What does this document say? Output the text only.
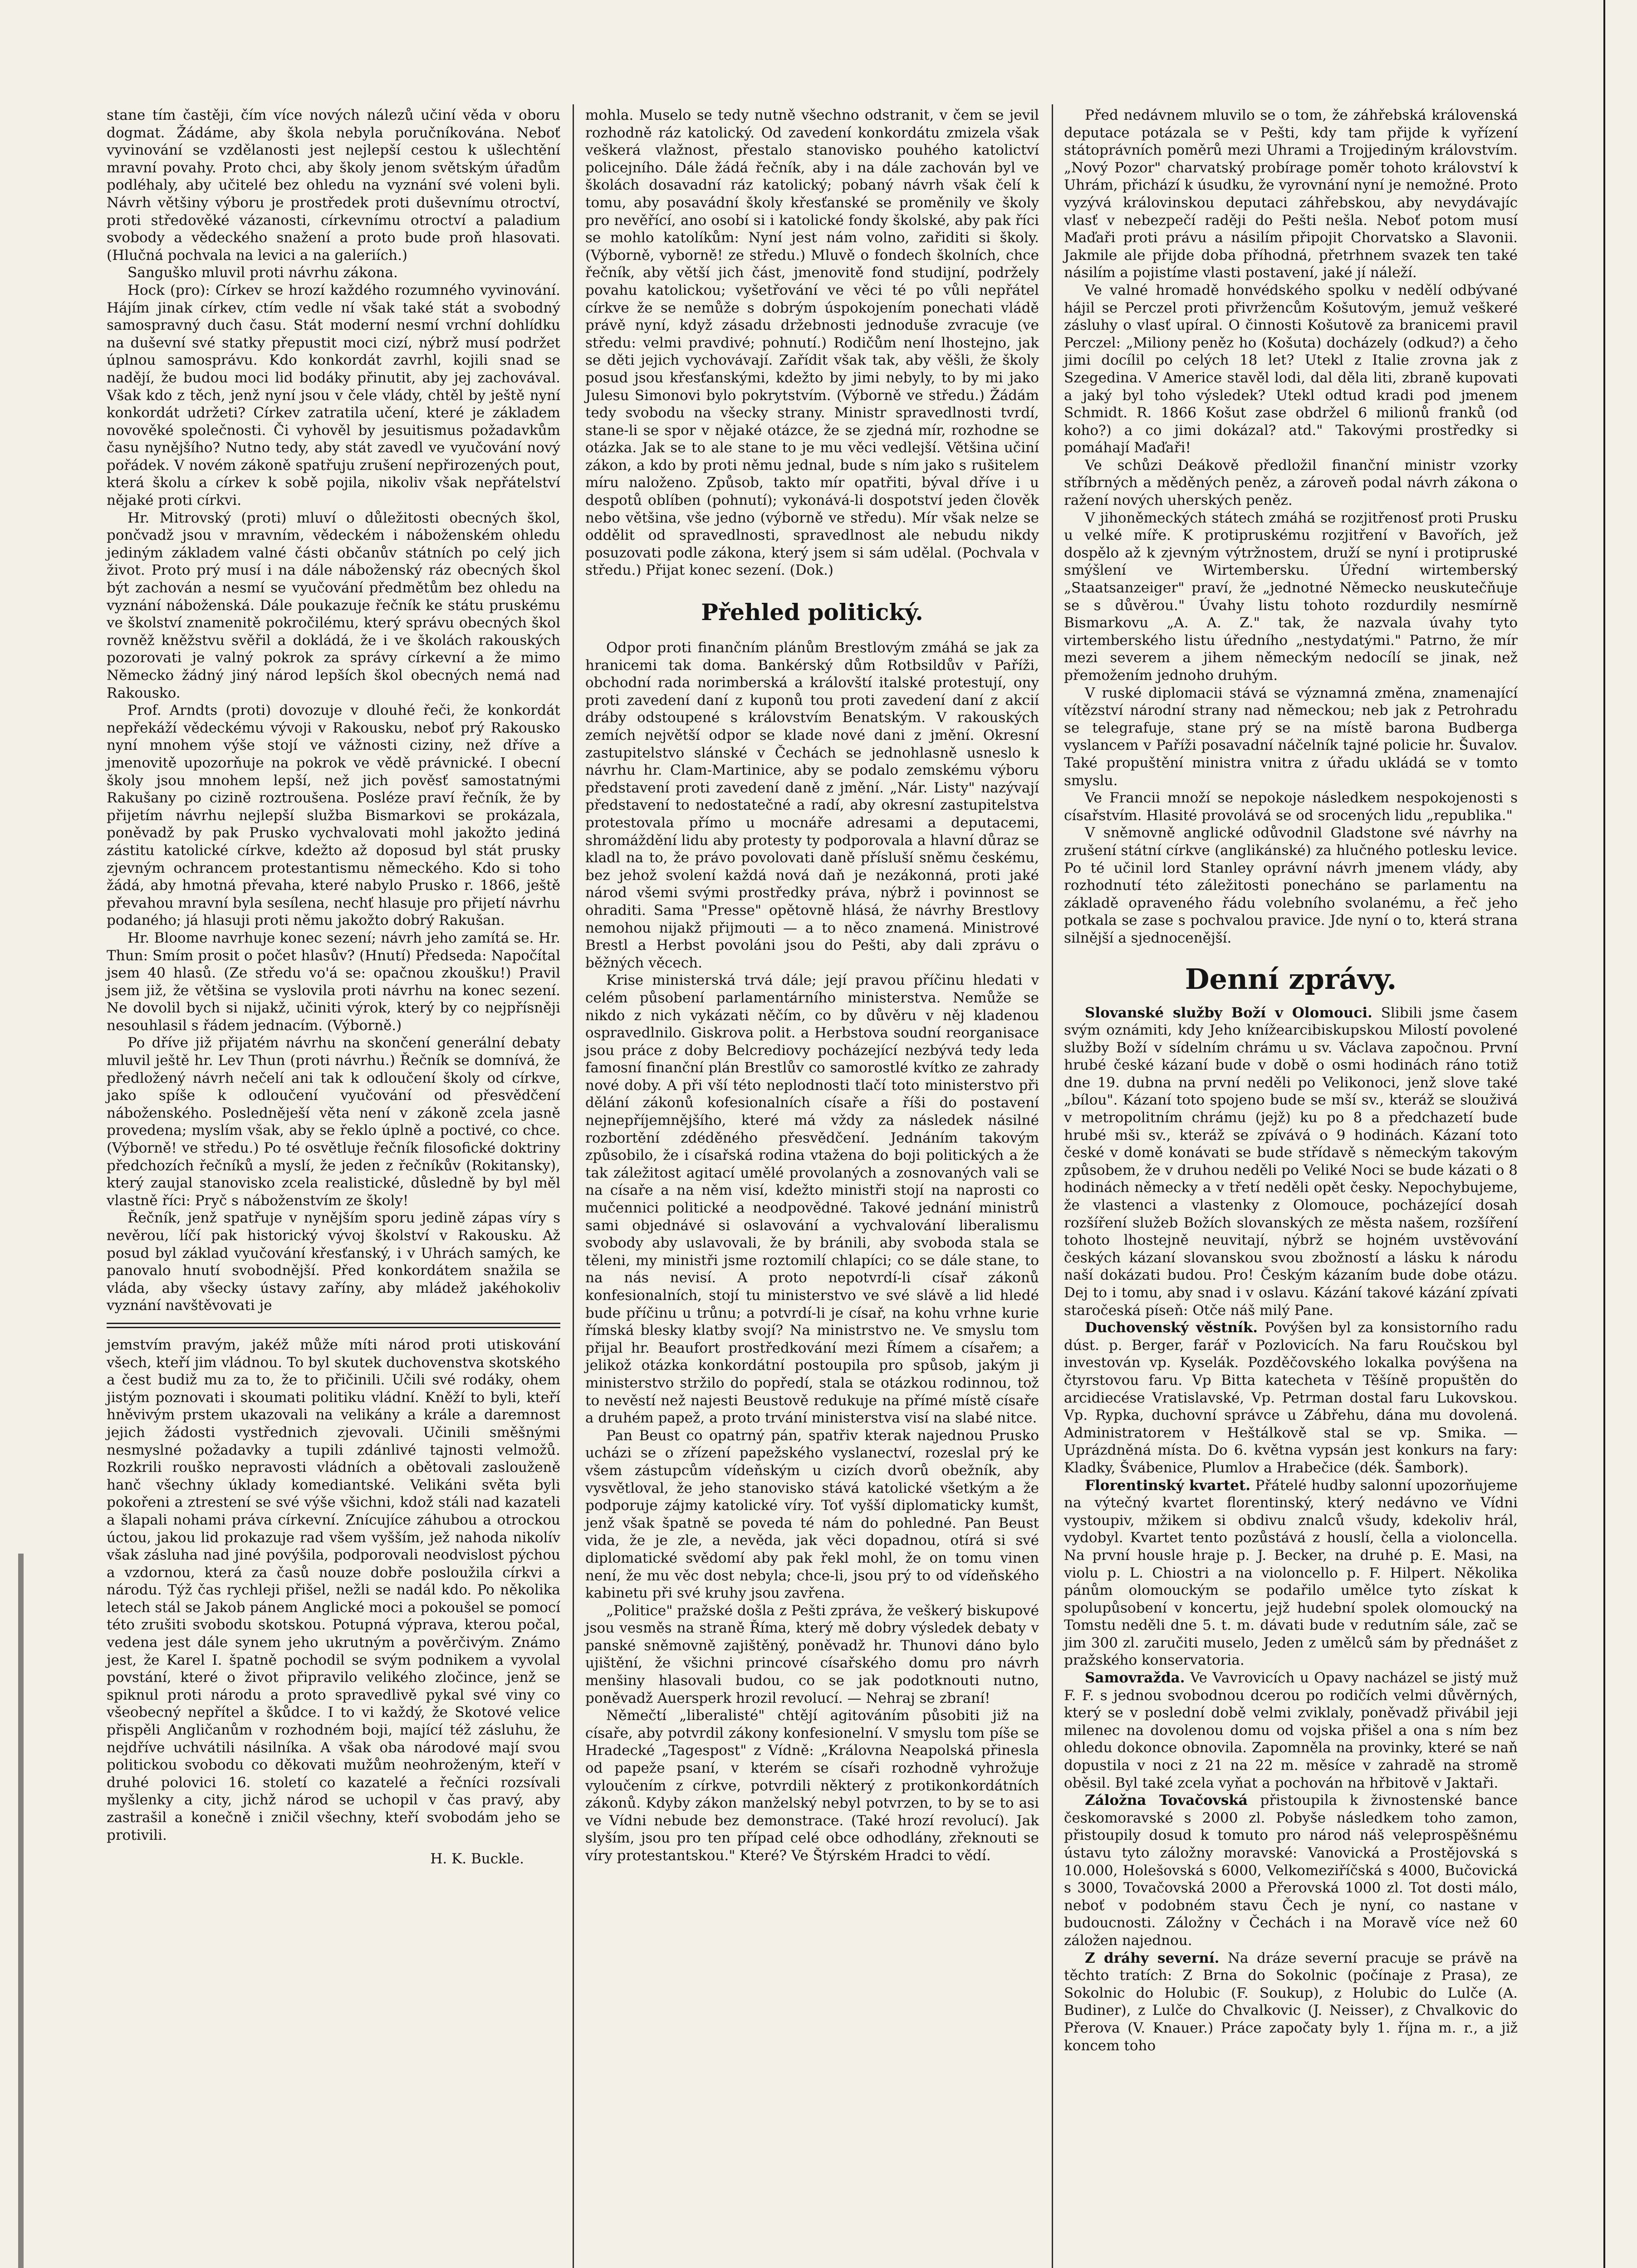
stane tím častěji, čím více nových nálezů učiní věda v oboru dogmat. Žádáme, aby škola nebyla poručníkována. Neboť vyvinování se vzdělanosti jest nejlepší cestou k ušlechtění mravní povahy. Proto chci, aby školy jenom světským úřadům podléhaly, aby učitelé bez ohledu na vyznání své voleni byli. Návrh většiny výboru je prostředek proti duševnímu otroctví, proti středověké vázanosti, církevnímu otroctví a paladium svobody a vědeckého snažení a proto bude proň hlasovati. (Hlučná pochvala na levici a na galeriích.)

Sanguško mluvil proti návrhu zákona.

Hock (pro): Církev se hrozí každého rozumného vyvinování. Hájím jinak církev, ctím vedle ní však také stát a svobodný samospravný duch času. Stát moderní nesmí vrchní dohlídku na duševní své statky přepustit moci cizí, nýbrž musí podržet úplnou samosprávu. Kdo konkordát zavrhl, kojili snad se nadějí, že budou moci lid bodáky přinutit, aby jej zachovával. Však kdo z těch, jenž nyní jsou v čele vlády, chtěl by ještě nyní konkordát udržeti? Církev zatratila učení, které je základem novověké společnosti. Či vyhověl by jesuitismus požadavkům času nynějšího? Nutno tedy, aby stát zavedl ve vyučování nový pořádek. V novém zákoně spatřuju zrušení nepřirozených pout, která školu a církev k sobě pojila, nikoliv však nepřátelství nějaké proti církvi.

Hr. Mitrovský (proti) mluví o důležitosti obecných škol, pončvadž jsou v mravním, vědeckém i náboženském ohledu jediným základem valné části občanův státních po celý jich život. Proto prý musí i na dále náboženský ráz obecných škol být zachován a nesmí se vyučování předmětům bez ohledu na vyznání náboženská. Dále poukazuje řečník ke státu pruskému ve školství znamenitě pokročilému, který správu obecných škol rovněž kněžstvu svěřil a dokládá, že i ve školách rakouských pozorovati je valný pokrok za správy církevní a že mimo Německo žádný jiný národ lepších škol obecných nemá nad Rakousko.

Prof. Arndts (proti) dovozuje v dlouhé řeči, že konkordát nepřekáží vědeckému vývoji v Rakousku, neboť prý Rakousko nyní mnohem výše stojí ve vážnosti ciziny, než dříve a jmenovitě upozorňuje na pokrok ve vědě právnické. I obecní školy jsou mnohem lepší, než jich pověsť samostatnými Rakušany po cizině roztroušena. Posléze praví řečník, že by přijetím návrhu nejlepší služba Bismarkovi se prokázala, poněvadž by pak Prusko vychvalovati mohl jakožto jediná zástitu katolické církve, kdežto až doposud byl stát prusky zjevným ochrancem protestantismu německého. Kdo si toho žádá, aby hmotná převaha, které nabylo Prusko r. 1866, ještě převahou mravní byla sesílena, nechť hlasuje pro přijetí návrhu podaného; já hlasuji proti němu jakožto dobrý Rakušan.

Hr. Bloome navrhuje konec sezení; návrh jeho zamítá se. Hr. Thun: Smím prosit o počet hlasův? (Hnutí) Předseda: Napočítal jsem 40 hlasů. (Ze středu vo'á se: opačnou zkoušku!) Pravil jsem již, že většina se vyslovila proti návrhu na konec sezení. Ne dovolil bych si nijakž, učiniti výrok, který by co nejpřísněji nesouhlasil s řádem jednacím. (Výborně.)

Po dříve již přijatém návrhu na skončení generální debaty mluvil ještě hr. Lev Thun (proti návrhu.) Řečník se domnívá, že předložený návrh nečelí ani tak k odloučení školy od církve, jako spíše k odloučení vyučování od přesvědčení náboženského. Posledněješí věta není v zákoně zcela jasně provedena; myslím však, aby se řeklo úplně a poctivé, co chce. (Výborně! ve středu.) Po té osvětluje řečník filosofické doktriny předchozích řečníků a myslí, že jeden z řečníkův (Rokitansky), který zaujal stanovisko zcela realistické, důsledně by byl měl vlastně říci: Pryč s náboženstvím ze školy!

Řečník, jenž spatřuje v nynějším sporu jedině zápas víry s nevěrou, líčí pak historický vývoj školství v Rakousku. Až posud byl základ vyučování křesťanský, i v Uhrách samých, ke panovalo hnutí svobodnější. Před konkordátem snažila se vláda, aby všecky ústavy zaříny, aby mládež jakéhokoliv vyznání navštěvovati je

jemstvím pravým, jakéž může míti národ proti utiskování všech, kteří jim vládnou. To byl skutek duchovenstva skotského a čest budiž mu za to, že to přičinili. Učili své rodáky, ohem jistým poznovati i skoumati politiku vládní. Kněží to byli, kteří hněvivým prstem ukazovali na velikány a krále a daremnost jejich žádosti vystřednich zjevovali. Učinili směšnými nesmyslné požadavky a tupili zdánlivé tajnosti velmožů. Rozkrili rouško nepravosti vládních a obětovali zaslouženě hanč všechny úklady komediantské. Velikáni světa byli pokořeni a ztrestení se své výše všichni, kdož stáli nad kazateli a šlapali nohami práva církevní. Znícujíce záhubou a otrockou úctou, jakou lid prokazuje rad všem vyšším, jež nahoda nikolív však zásluha nad jiné povýšila, podporovali neodvislost pýchou a vzdornou, která za časů nouze dobře posloužila církvi a národu. Týž čas rychleji přišel, nežli se nadál kdo. Po několika letech stál se Jakob pánem Anglické moci a pokoušel se pomocí této zrušiti svobodu skotskou. Potupná výprava, kterou počal, vedena jest dále synem jeho ukrutným a pověrčivým. Známo jest, že Karel I. špatně pochodil se svým podnikem a vyvolal povstání, které o život připravilo velikého zločince, jenž se spiknul proti národu a proto spravedlivě pykal své viny co všeobecný nepřítel a škůdce. I to vi každý, že Skotové velice přispěli Angličanům v rozhodném boji, mající též zásluhu, že nejdříve uchvátili násilníka. A však oba národové mají svou politickou svobodu co děkovati mužům neohroženým, kteří v druhé polovici 16. století co kazatelé a řečníci rozsívali myšlenky a city, jichž národ se uchopil v čas pravý, aby zastrašil a konečně i zničil všechny, kteří svobodám jeho se protivili.

H. K. Buckle.

mohla. Muselo se tedy nutně všechno odstranit, v čem se jevil rozhodně ráz katolický. Od zavedení konkordátu zmizela však veškerá vlažnost, přestalo stanovisko pouhého katolictví policejního. Dále žádá řečník, aby i na dále zachován byl ve školách dosavadní ráz katolický; pobaný návrh však čelí k tomu, aby posavádní školy křesťanské se proměnily ve školy pro nevěřící, ano osobí si i katolické fondy školské, aby pak říci se mohlo katolíkům: Nyní jest nám volno, zařiditi si školy. (Výborně, vyborně! ze středu.) Mluvě o fondech školních, chce řečník, aby větší jich část, jmenovitě fond studijní, podržely povahu katolickou; vyšetřování ve věci té po vůli nepřátel církve že se nemůže s dobrým úspokojením ponechati vládě právě nyní, když zásadu držebnosti jednoduše zvracuje (ve středu: velmi pravdivé; pohnutí.) Rodičům není lhostejno, jak se děti jejich vychovávají. Zařídit však tak, aby věšli, že školy posud jsou křesťanskými, kdežto by jimi nebyly, to by mi jako Julesu Simonovi bylo pokrytstvím. (Výborně ve středu.) Žádám tedy svobodu na všecky strany. Ministr spravedlnosti tvrdí, stane-li se spor v nějaké otázce, že se zjedná mír, rozhodne se otázka. Jak se to ale stane to je mu věci vedlejší. Většina učiní zákon, a kdo by proti němu jednal, bude s ním jako s rušitelem míru naloženo. Způsob, takto mír opatřiti, býval dříve i u despotů oblíben (pohnutí); vykonává-li dospotství jeden člověk nebo většina, vše jedno (výborně ve středu). Mír však nelze se oddělit od spravedlnosti, spravedlnost ale nebudu nikdy posuzovati podle zákona, který jsem si sám udělal. (Pochvala v středu.) Přijat konec sezení. (Dok.)

Přehled politický.

Odpor proti finančním plánům Brestlovým zmáhá se jak za hranicemi tak doma. Bankérský dům Rotbsildův v Paříži, obchodní rada norimberská a královští italské protestují, ony proti zavedení daní z kuponů tou proti zavedení daní z akcií dráby odstoupené s královstvím Benatským. V rakouských zemích největší odpor se klade nové dani z jmění. Okresní zastupitelstvo slánské v Čechách se jednohlasně usneslo k návrhu hr. Clam-Martinice, aby se podalo zemskému výboru představení proti zavedení daně z jmění. „Nár. Listy" nazývají představení to nedostatečné a radí, aby okresní zastupitelstva protestovala přímo u mocnáře adresami a deputacemi, shromáždění lidu aby protesty ty podporovala a hlavní důraz se kladl na to, že právo povolovati daně přísluší sněmu českému, bez jehož svolení každá nová daň je nezákonná, proti jaké národ všemi svými prostředky práva, nýbrž i povinnost se ohraditi. Sama "Presse" opětovně hlásá, že návrhy Brestlovy nemohou nijakž přijmouti — a to něco znamená. Ministrové Brestl a Herbst povoláni jsou do Pešti, aby dali zprávu o běžných věcech.

Krise ministerská trvá dále; její pravou příčinu hledati v celém působení parlamentárního ministerstva. Nemůže se nikdo z nich vykázati něčím, co by důvěru v něj kladenou ospravedlnilo. Giskrova polit. a Herbstova soudní reorganisace jsou práce z doby Belcrediovy pocházející nezbývá tedy leda famosní finanční plán Brestlův co samorostlé kvítko ze zahrady nové doby. A při vší této neplodnosti tlačí toto ministerstvo při dělání zákonů kofesionalních císaře a říši do postavení nejnepříjemnějšího, které má vždy za následek násilné rozbortění zdéděného přesvědčení. Jednáním takovým způsobilo, že i císařská rodina vtažena do boji politických a že tak záležitost agitací umělé provolaných a zosnovaných vali se na císaře a na něm visí, kdežto ministři stojí na naprosti co mučennici politické a neodpovědné. Takové jednání ministrů sami objednávé si oslavování a vychvalování liberalismu svobody aby uslavovali, že by bránili, aby svoboda stala se těleni, my ministři jsme roztomilí chlapíci; co se dále stane, to na nás nevisí. A proto nepotvrdí-li císař zákonů konfesionalních, stojí tu ministerstvo ve své slávě a lid hledé bude příčinu u trůnu; a potvrdí-li je císař, na kohu vrhne kurie římská blesky klatby svojí? Na ministrstvo ne. Ve smyslu tom přijal hr. Beaufort prostředkování mezi Římem a císařem; a jelikož otázka konkordátní postoupila pro spůsob, jakým ji ministerstvo stržilo do popředí, stala se otázkou rodinnou, tož to nevěstí než najesti Beustově redukuje na přímé místě císaře a druhém papež, a proto trvání ministerstva visí na slabé nitce.

Pan Beust co opatrný pán, spatřiv kterak najednou Prusko ucházi se o zřízení papežského vyslanectví, rozeslal prý ke všem zástupcům vídeňským u cizích dvorů obežník, aby vysvětloval, že jeho stanovisko stává katolické všetkým a že podporuje zájmy katolické víry. Toť vyšší diplomaticky kumšt, jenž však špatně se poveda té nám do pohledné. Pan Beust vida, že je zle, a nevěda, jak věci dopadnou, otírá si své diplomatické svědomí aby pak řekl mohl, že on tomu vinen není, že mu věc dost nebyla; chce-li, jsou prý to od vídeňského kabinetu při své kruhy jsou zavřena.

„Politice" pražské došla z Pešti zpráva, že veškerý biskupové jsou vesměs na straně Říma, který mě dobry výsledek debaty v panské sněmovně zajištěný, poněvadž hr. Thunovi dáno bylo ujištění, že všichni princové císařského domu pro návrh menšiny hlasovali budou, co se jak podotknouti nutno, poněvadž Auersperk hrozil revolucí. — Nehraj se zbraní!

Němečtí „liberalisté" chtějí agitováním působiti již na císaře, aby potvrdil zákony konfesionelní. V smyslu tom píše se Hradecké „Tagespost" z Vídně: „Královna Neapolská přinesla od papeže psaní, v kterém se císaři rozhodně vyhrožuje vyloučením z církve, potvrdili některý z protikonkordátních zákonů. Kdyby zákon manželský nebyl potvrzen, to by se to asi ve Vídni nebude bez demonstrace. (Také hrozí revolucí). Jak slyším, jsou pro ten případ celé obce odhodlány, zřeknouti se víry protestantskou." Které? Ve Štýrském Hradci to vědí.

Před nedávnem mluvilo se o tom, že záhřebská královenská deputace potázala se v Pešti, kdy tam přijde k vyřízení státoprávních poměrů mezi Uhrami a Trojjediným královstvím. „Nový Pozor" charvatský probírage poměr tohoto království k Uhrám, přichází k úsudku, že vyrovnání nyní je nemožné. Proto vyzývá královinskou deputaci záhřebskou, aby nevydávajíc vlasť v nebezpečí raději do Pešti nešla. Neboť potom musí Maďaři proti právu a násilím připojit Chorvatsko a Slavonii. Jakmile ale přijde doba příhodná, přetrhnem svazek ten také násilím a pojistíme vlasti postavení, jaké jí náleží.

Ve valné hromadě honvédského spolku v nedělí odbývané hájil se Perczel proti přivržencům Košutovým, jemuž veškeré zásluhy o vlasť upíral. O činnosti Košutově za branicemi pravil Perczel: „Miliony peněz ho (Košuta) docházely (odkud?) a čeho jimi docílil po celých 18 let? Utekl z Italie zrovna jak z Szegedina. V Americe stavěl lodi, dal děla liti, zbraně kupovati a jaký byl toho výsledek? Utekl odtud kradi pod jmenem Schmidt. R. 1866 Košut zase obdržel 6 milionů franků (od koho?) a co jimi dokázal? atd." Takovými prostředky si pomáhají Maďaři!

Ve schůzi Deákově předložil finanční ministr vzorky stříbrných a měděných peněz, a zároveň podal návrh zákona o ražení nových uherských peněz.

V jihoněmeckých státech zmáhá se rozjitřenosť proti Prusku u velké míře. K protipruskému rozjitření v Bavořích, jež dospělo až k zjevným výtržnostem, druží se nyní i protipruské smýšlení ve Wirtembersku. Úřední wirtemberský „Staatsanzeiger" praví, že „jednotné Německo neuskutečňuje se s důvěrou." Úvahy listu tohoto rozdurdily nesmírně Bismarkovu „A. A. Z." tak, že nazvala úvahy tyto virtemberského listu úředního „nestydatými." Patrno, že mír mezi severem a jihem německým nedocílí se jinak, než přemožením jednoho druhým.

V ruské diplomacii stává se významná změna, znamenající vítězství národní strany nad německou; neb jak z Petrohradu se telegrafuje, stane prý se na místě barona Budberga vyslancem v Paříži posavadní náčelník tajné policie hr. Šuvalov. Také propuštění ministra vnitra z úřadu ukládá se v tomto smyslu.

Ve Francii množí se nepokoje následkem nespokojenosti s císařstvím. Hlasité provolává se od srocených lidu „republika."

V sněmovně anglické odůvodnil Gladstone své návrhy na zrušení státní církve (anglikánské) za hlučného potlesku levice. Po té učinil lord Stanley oprávní návrh jmenem vlády, aby rozhodnutí této záležitosti ponecháno se parlamentu na základě opraveného řádu volebního svolanému, a řeč jeho potkala se zase s pochvalou pravice. Jde nyní o to, která strana silnější a sjednocenější.

Denní zprávy.

Slovanské služby Boží v Olomouci. Slibili jsme časem svým oznámiti, kdy Jeho knížearcibiskupskou Milostí povolené služby Boží v sídelním chrámu u sv. Václava započnou. První hrubé české kázaní bude v době o osmi hodinách ráno totiž dne 19. dubna na první neděli po Velikonoci, jenž slove také „bílou". Kázaní toto spojeno bude se mší sv., kteráž se slouživá v metropolitním chrámu (jejž) ku po 8 a předchazetí bude hrubé mši sv., kteráž se zpívává o 9 hodinách. Kázaní toto české v domě konávati se bude střídavě s německým takovým způsobem, že v druhou neděli po Veliké Noci se bude kázati o 8 hodinách německy a v třetí neděli opět česky. Nepochybujeme, že vlastenci a vlastenky z Olomouce, pocházející dosah rozšíření služeb Božích slovanských ze města našem, rozšíření tohoto lhostejně neuvitají, nýbrž se hojném uvstěvování českých kázaní slovanskou svou zbožností a lásku k národu naší dokázati budou. Pro! Českým kázaním bude dobe otázu. Dej to i tomu, aby snad i v oslavu. Kázání takové kázání zpívati staročeská píseň: Otče náš milý Pane.

Duchovenský věstník. Povýšen byl za konsistorního radu dúst. p. Berger, farář v Pozlovicích. Na faru Roučskou byl investován vp. Kyselák. Pozděčovského lokalka povýšena na čtyrstovou faru. Vp Bitta katecheta v Těšíně propuštěn do arcidiecése Vratislavské, Vp. Petrman dostal faru Lukovskou. Vp. Rypka, duchovní správce u Zábřehu, dána mu dovolená. Administratorem v Heštálkově stal se vp. Smika. — Uprázdněná místa. Do 6. května vypsán jest konkurs na fary: Kladky, Švábenice, Plumlov a Hrabečice (dék. Šambork).

Florentinský kvartet. Přátelé hudby salonní upozorňujeme na výtečný kvartet florentinský, který nedávno ve Vídni vystoupiv, mžikem si obdivu znalců všudy, kdekoliv hrál, vydobyl. Kvartet tento pozůstává z houslí, čella a violoncella. Na první housle hraje p. J. Becker, na druhé p. E. Masi, na violu p. L. Chiostri a na violoncello p. F. Hilpert. Několika pánům olomouckým se podařilo umělce tyto získat k spolupůsobení v koncertu, jejž hudební spolek olomoucký na Tomstu neděli dne 5. t. m. dávati bude v redutním sále, zač se jim 300 zl. zaručiti muselo, Jeden z umělců sám by přednášet z pražského konservatoria.

Samovražda. Ve Vavrovicích u Opavy nacházel se jistý muž F. F. s jednou svobodnou dcerou po rodičích velmi důvěrných, který se v poslední době velmi zviklaly, poněvadž přivábil jeji milenec na dovolenou domu od vojska přišel a ona s ním bez ohledu dokonce obnovila. Zapomněla na provinky, které se naň dopustila v noci z 21 na 22 m. měsíce v zahradě na stromě oběsil. Byl také zcela vyňat a pochován na hřbitově v Jaktaři.

Záložna Tovačovská přistoupila k živnostenské bance českomoravské s 2000 zl. Pobyše následkem toho zamon, přistoupily dosud k tomuto pro národ náš veleprospěšnému ústavu tyto záložny moravské: Vanovická a Prostějovská s 10.000, Holešovská s 6000, Velkomeziříčská s 4000, Bučovická s 3000, Tovačovská 2000 a Přerovská 1000 zl. Tot dosti málo, neboť v podobném stavu Čech je nyní, co nastane v budoucnosti. Záložny v Čechách i na Moravě více než 60 záložen najednou.

Z dráhy severní. Na dráze severní pracuje se právě na těchto tratích: Z Brna do Sokolnic (počínaje z Prasa), ze Sokolnic do Holubic (F. Soukup), z Holubic do Lulče (A. Budiner), z Lulče do Chvalkovic (J. Neisser), z Chvalkovic do Přerova (V. Knauer.) Práce započaty byly 1. října m. r., a již koncem toho
